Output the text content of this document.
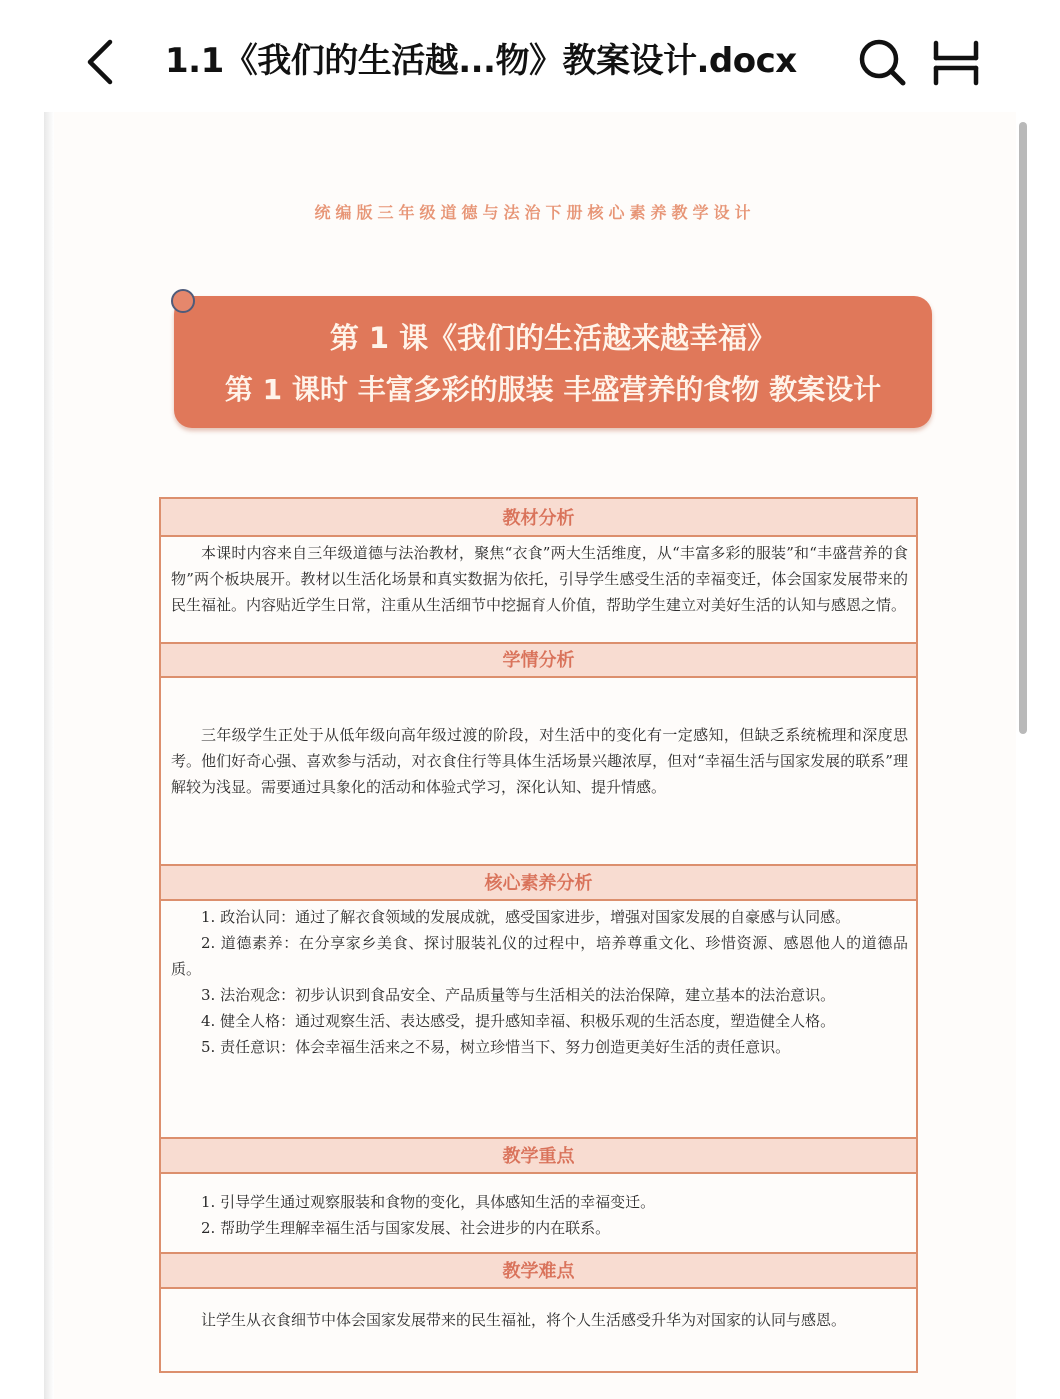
1.1《我们的生活越...物》教案设计.docx
统编版三年级道德与法治下册核心素养教学设计
第 1 课《我们的生活越来越幸福》
第 1 课时 丰富多彩的服装 丰盛营养的食物 教案设计
教材分析

本课时内容来自三年级道德与法治教材，聚焦“衣食”两大生活维度，从“丰富多彩的服装”和“丰盛营养的食物”两个板块展开。教材以生活化场景和真实数据为依托，引导学生感受生活的幸福变迁，体会国家发展带来的民生福祉。内容贴近学生日常，注重从生活细节中挖掘育人价值，帮助学生建立对美好生活的认知与感恩之情。

学情分析

三年级学生正处于从低年级向高年级过渡的阶段，对生活中的变化有一定感知，但缺乏系统梳理和深度思考。他们好奇心强、喜欢参与活动，对衣食住行等具体生活场景兴趣浓厚，但对“幸福生活与国家发展的联系”理解较为浅显。需要通过具象化的活动和体验式学习，深化认知、提升情感。

核心素养分析

1. 政治认同：通过了解衣食领域的发展成就，感受国家进步，增强对国家发展的自豪感与认同感。

2. 道德素养：在分享家乡美食、探讨服装礼仪的过程中，培养尊重文化、珍惜资源、感恩他人的道德品质。

3. 法治观念：初步认识到食品安全、产品质量等与生活相关的法治保障，建立基本的法治意识。

4. 健全人格：通过观察生活、表达感受，提升感知幸福、积极乐观的生活态度，塑造健全人格。

5. 责任意识：体会幸福生活来之不易，树立珍惜当下、努力创造更美好生活的责任意识。

教学重点

1. 引导学生通过观察服装和食物的变化，具体感知生活的幸福变迁。

2. 帮助学生理解幸福生活与国家发展、社会进步的内在联系。

教学难点

让学生从衣食细节中体会国家发展带来的民生福祉，将个人生活感受升华为对国家的认同与感恩。
